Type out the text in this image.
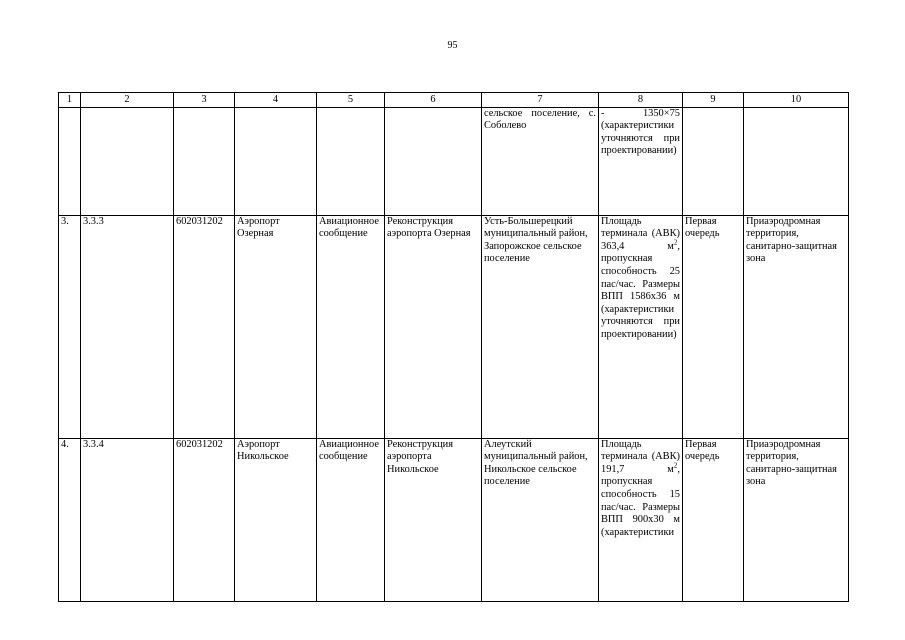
95
1	2	3	4	5	6	7	8	9	10
						сельское поселение, с. Соболево	- 1350×75 (характеристики уточняются при проектировании)		
3.	3.3.3	602031202	Аэропорт Озерная	Авиационное сообщение	Реконструкция аэропорта Озерная	Усть-Большерецкий муниципальный район, Запорожское сельское поселение	Площадь терминала (АВК) 363,4 $м^2$, пропускная способность 25 пас/час. Размеры ВПП 1586x36 м (характеристики уточняются при проектировании)	Первая очередь	Приаэродромная территория, санитарно-защитная зона
4.	3.3.4	602031202	Аэропорт Никольское	Авиационное сообщение	Реконструкция аэропорта Никольское	Алеутский муниципальный район, Никольское сельское поселение	Площадь терминала (АВК) 191,7 $м^2$, пропускная способность 15 пас/час. Размеры ВПП 900x30 м (характеристики	Первая очередь	Приаэродромная территория, санитарно-защитная зона
